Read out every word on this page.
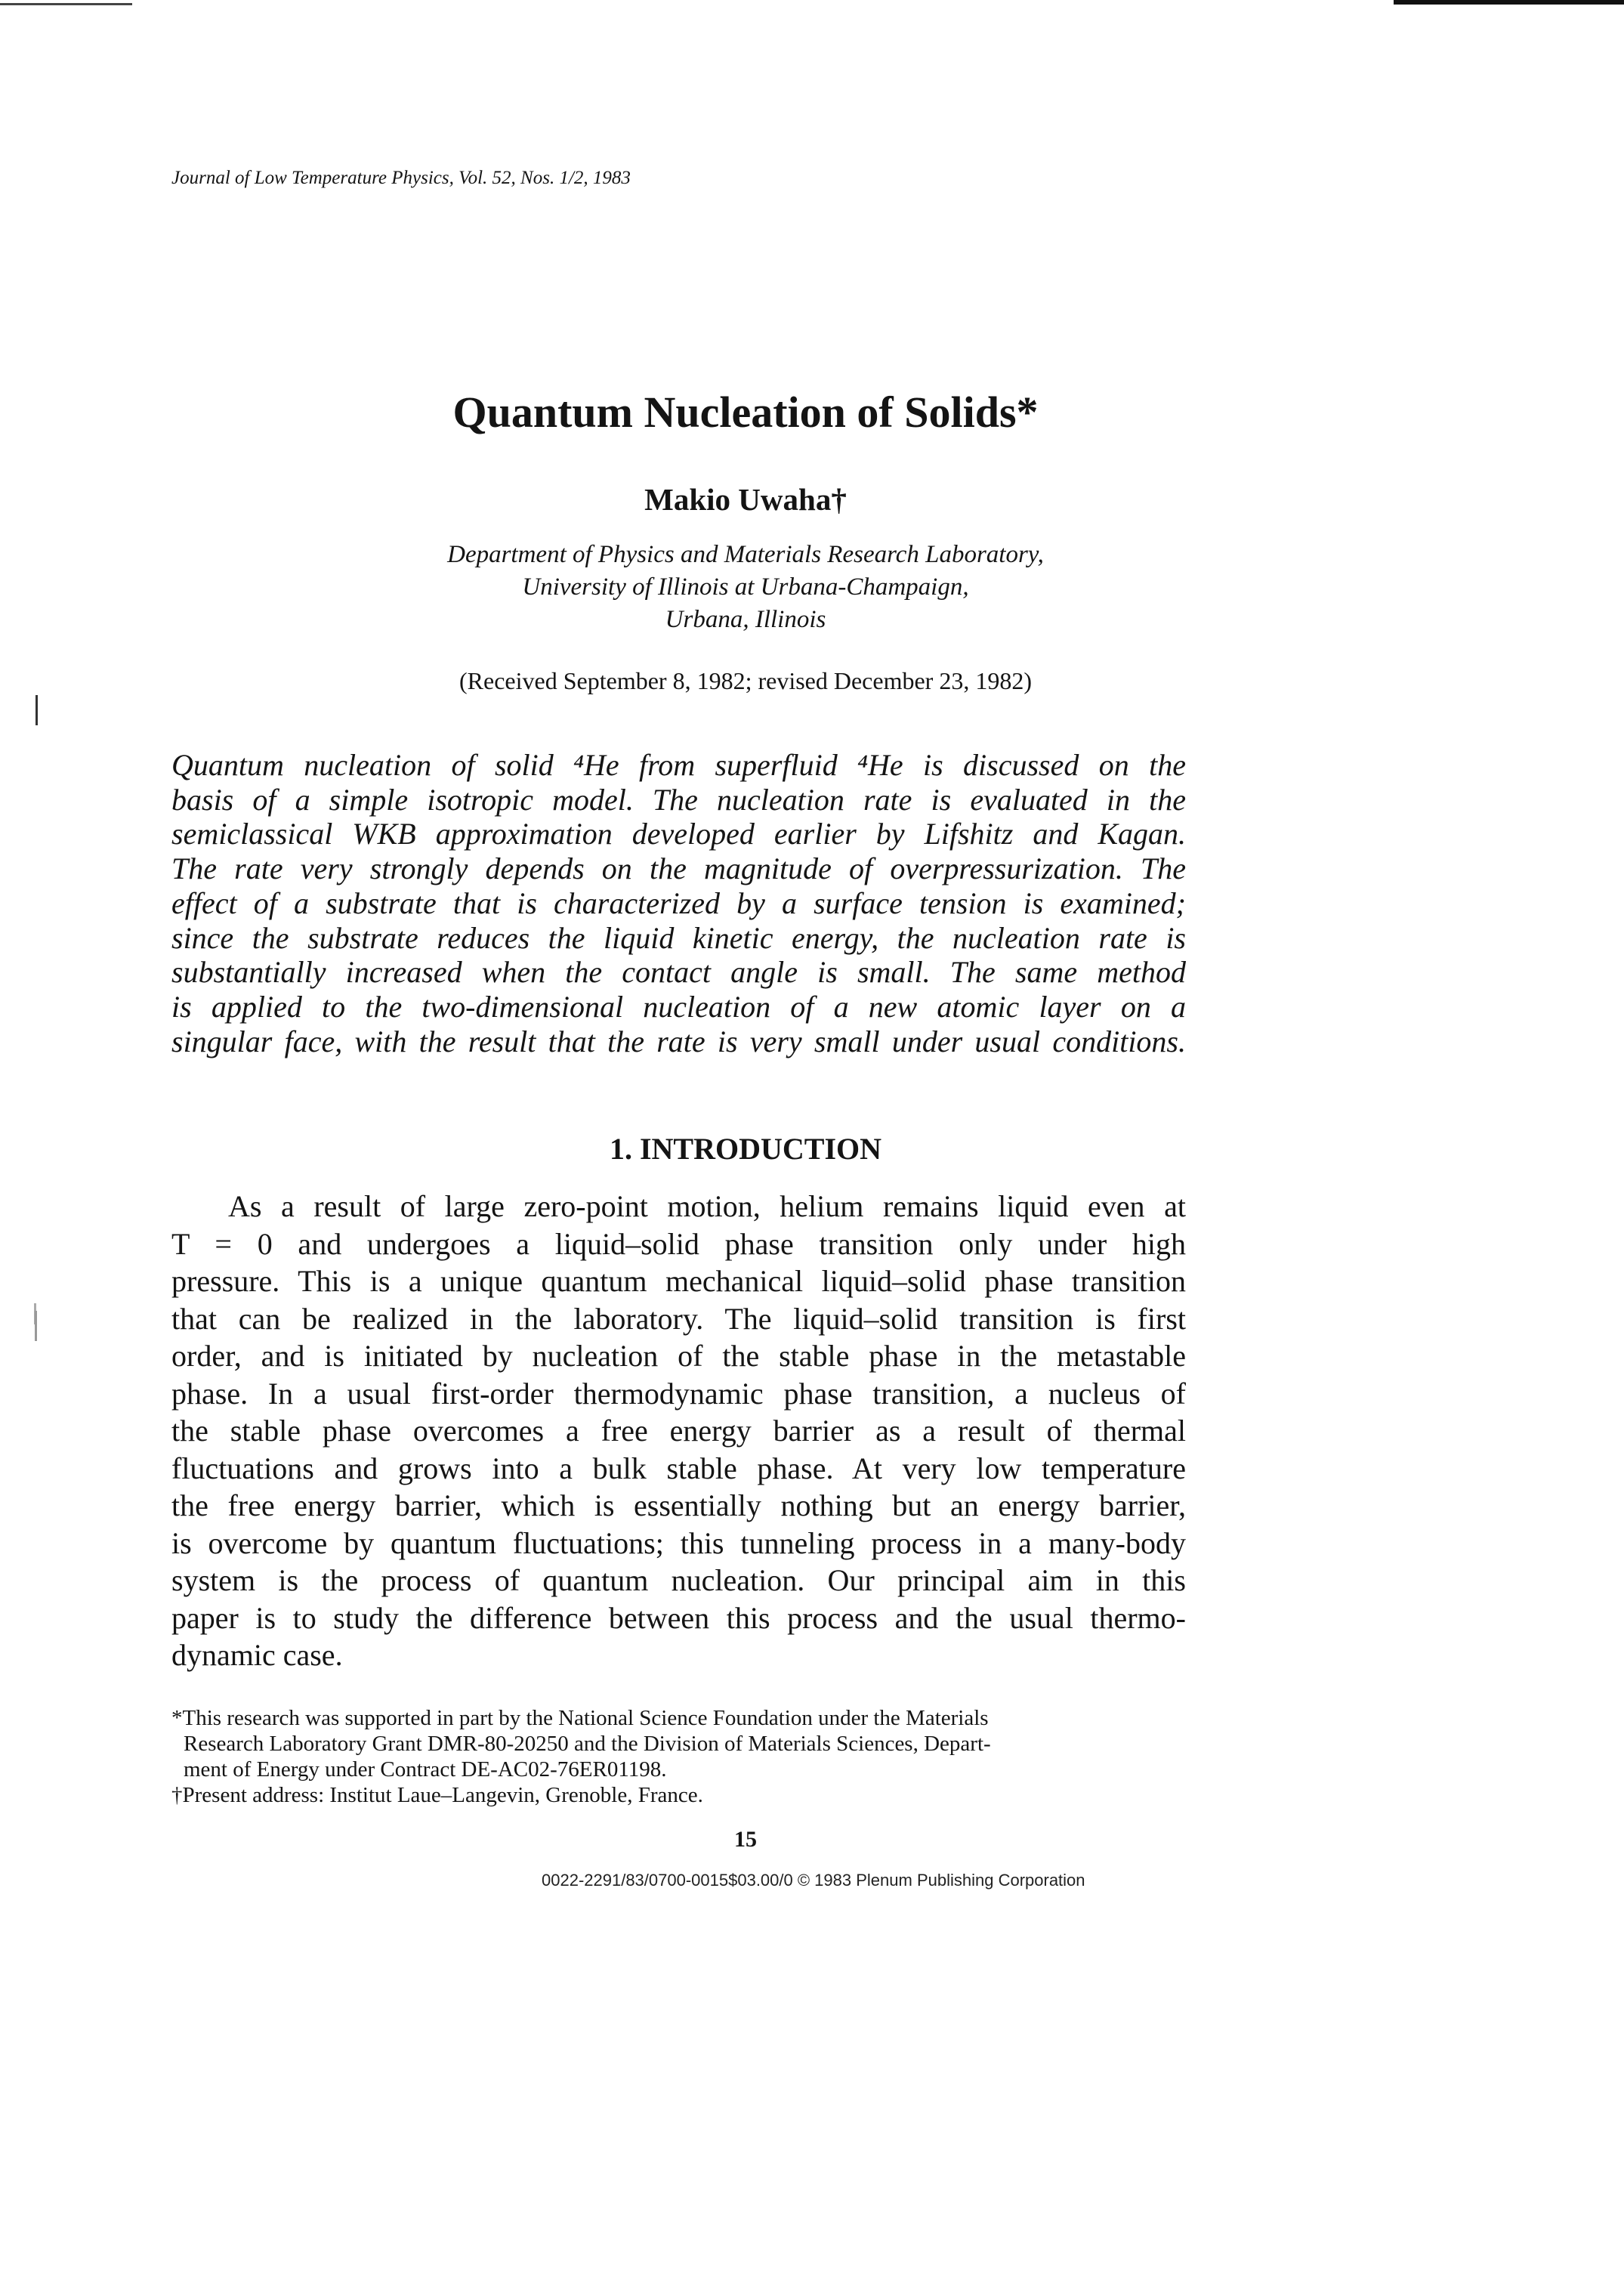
Journal of Low Temperature Physics, Vol. 52, Nos. 1/2, 1983
Quantum Nucleation of Solids*
Makio Uwaha†
Department of Physics and Materials Research Laboratory,
University of Illinois at Urbana-Champaign,
Urbana, Illinois
(Received September 8, 1982; revised December 23, 1982)
Quantum nucleation of solid ⁴He from superfluid ⁴He is discussed on the
basis of a simple isotropic model. The nucleation rate is evaluated in the
semiclassical WKB approximation developed earlier by Lifshitz and Kagan.
The rate very strongly depends on the magnitude of overpressurization. The
effect of a substrate that is characterized by a surface tension is examined;
since the substrate reduces the liquid kinetic energy, the nucleation rate is
substantially increased when the contact angle is small. The same method
is applied to the two-dimensional nucleation of a new atomic layer on a
singular face, with the result that the rate is very small under usual conditions.
1. INTRODUCTION
As a result of large zero-point motion, helium remains liquid even at
T = 0 and undergoes a liquid–solid phase transition only under high
pressure. This is a unique quantum mechanical liquid–solid phase transition
that can be realized in the laboratory. The liquid–solid transition is first
order, and is initiated by nucleation of the stable phase in the metastable
phase. In a usual first-order thermodynamic phase transition, a nucleus of
the stable phase overcomes a free energy barrier as a result of thermal
fluctuations and grows into a bulk stable phase. At very low temperature
the free energy barrier, which is essentially nothing but an energy barrier,
is overcome by quantum fluctuations; this tunneling process in a many-body
system is the process of quantum nucleation. Our principal aim in this
paper is to study the difference between this process and the usual thermo-
dynamic case.
*This research was supported in part by the National Science Foundation under the Materials
Research Laboratory Grant DMR-80-20250 and the Division of Materials Sciences, Depart-
ment of Energy under Contract DE-AC02-76ER01198.
†Present address: Institut Laue–Langevin, Grenoble, France.
15
0022-2291/83/0700-0015$03.00/0 © 1983 Plenum Publishing Corporation
